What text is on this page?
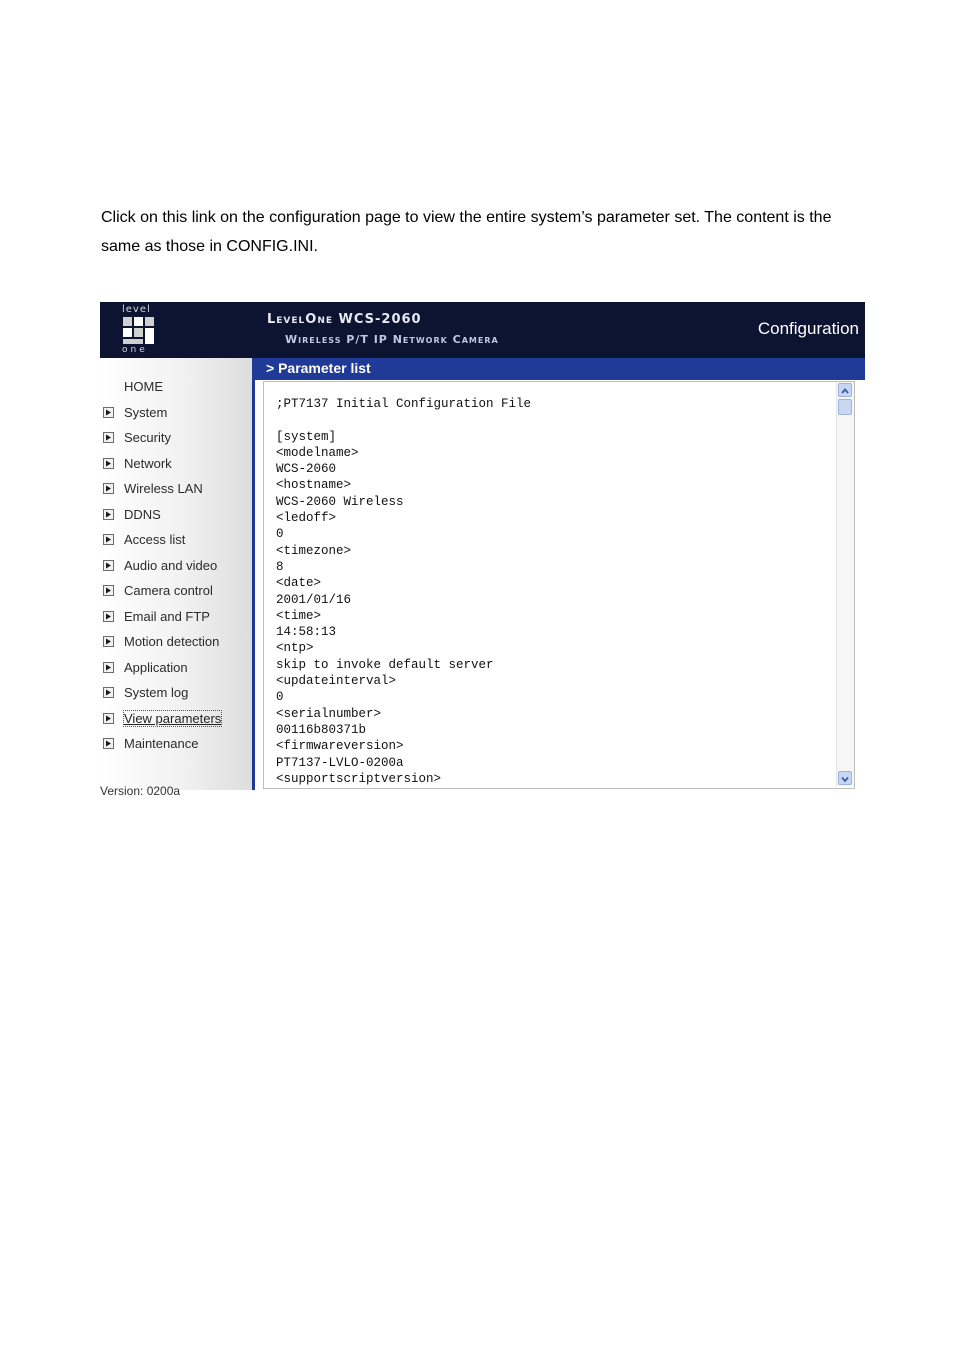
Click on this link on the configuration page to view the entire system’s parameter set. The content is the same as those in CONFIG.INI.

level
one
LevelOne WCS-2060
Wireless P/T IP Network Camera
Configuration
HOME
System
Security
Network
Wireless LAN
DDNS
Access list
Audio and video
Camera control
Email and FTP
Motion detection
Application
System log
View parameters
Maintenance
Version: 0200a
> Parameter list
;PT7137 Initial Configuration File
[system]
<modelname>
WCS-2060
<hostname>
WCS-2060 Wireless
<ledoff>
0
<timezone>
8
<date>
2001/01/16
<time>
14:58:13
<ntp>
skip to invoke default server
<updateinterval>
0
<serialnumber>
00116b80371b
<firmwareversion>
PT7137-LVLO-0200a
<supportscriptversion>
